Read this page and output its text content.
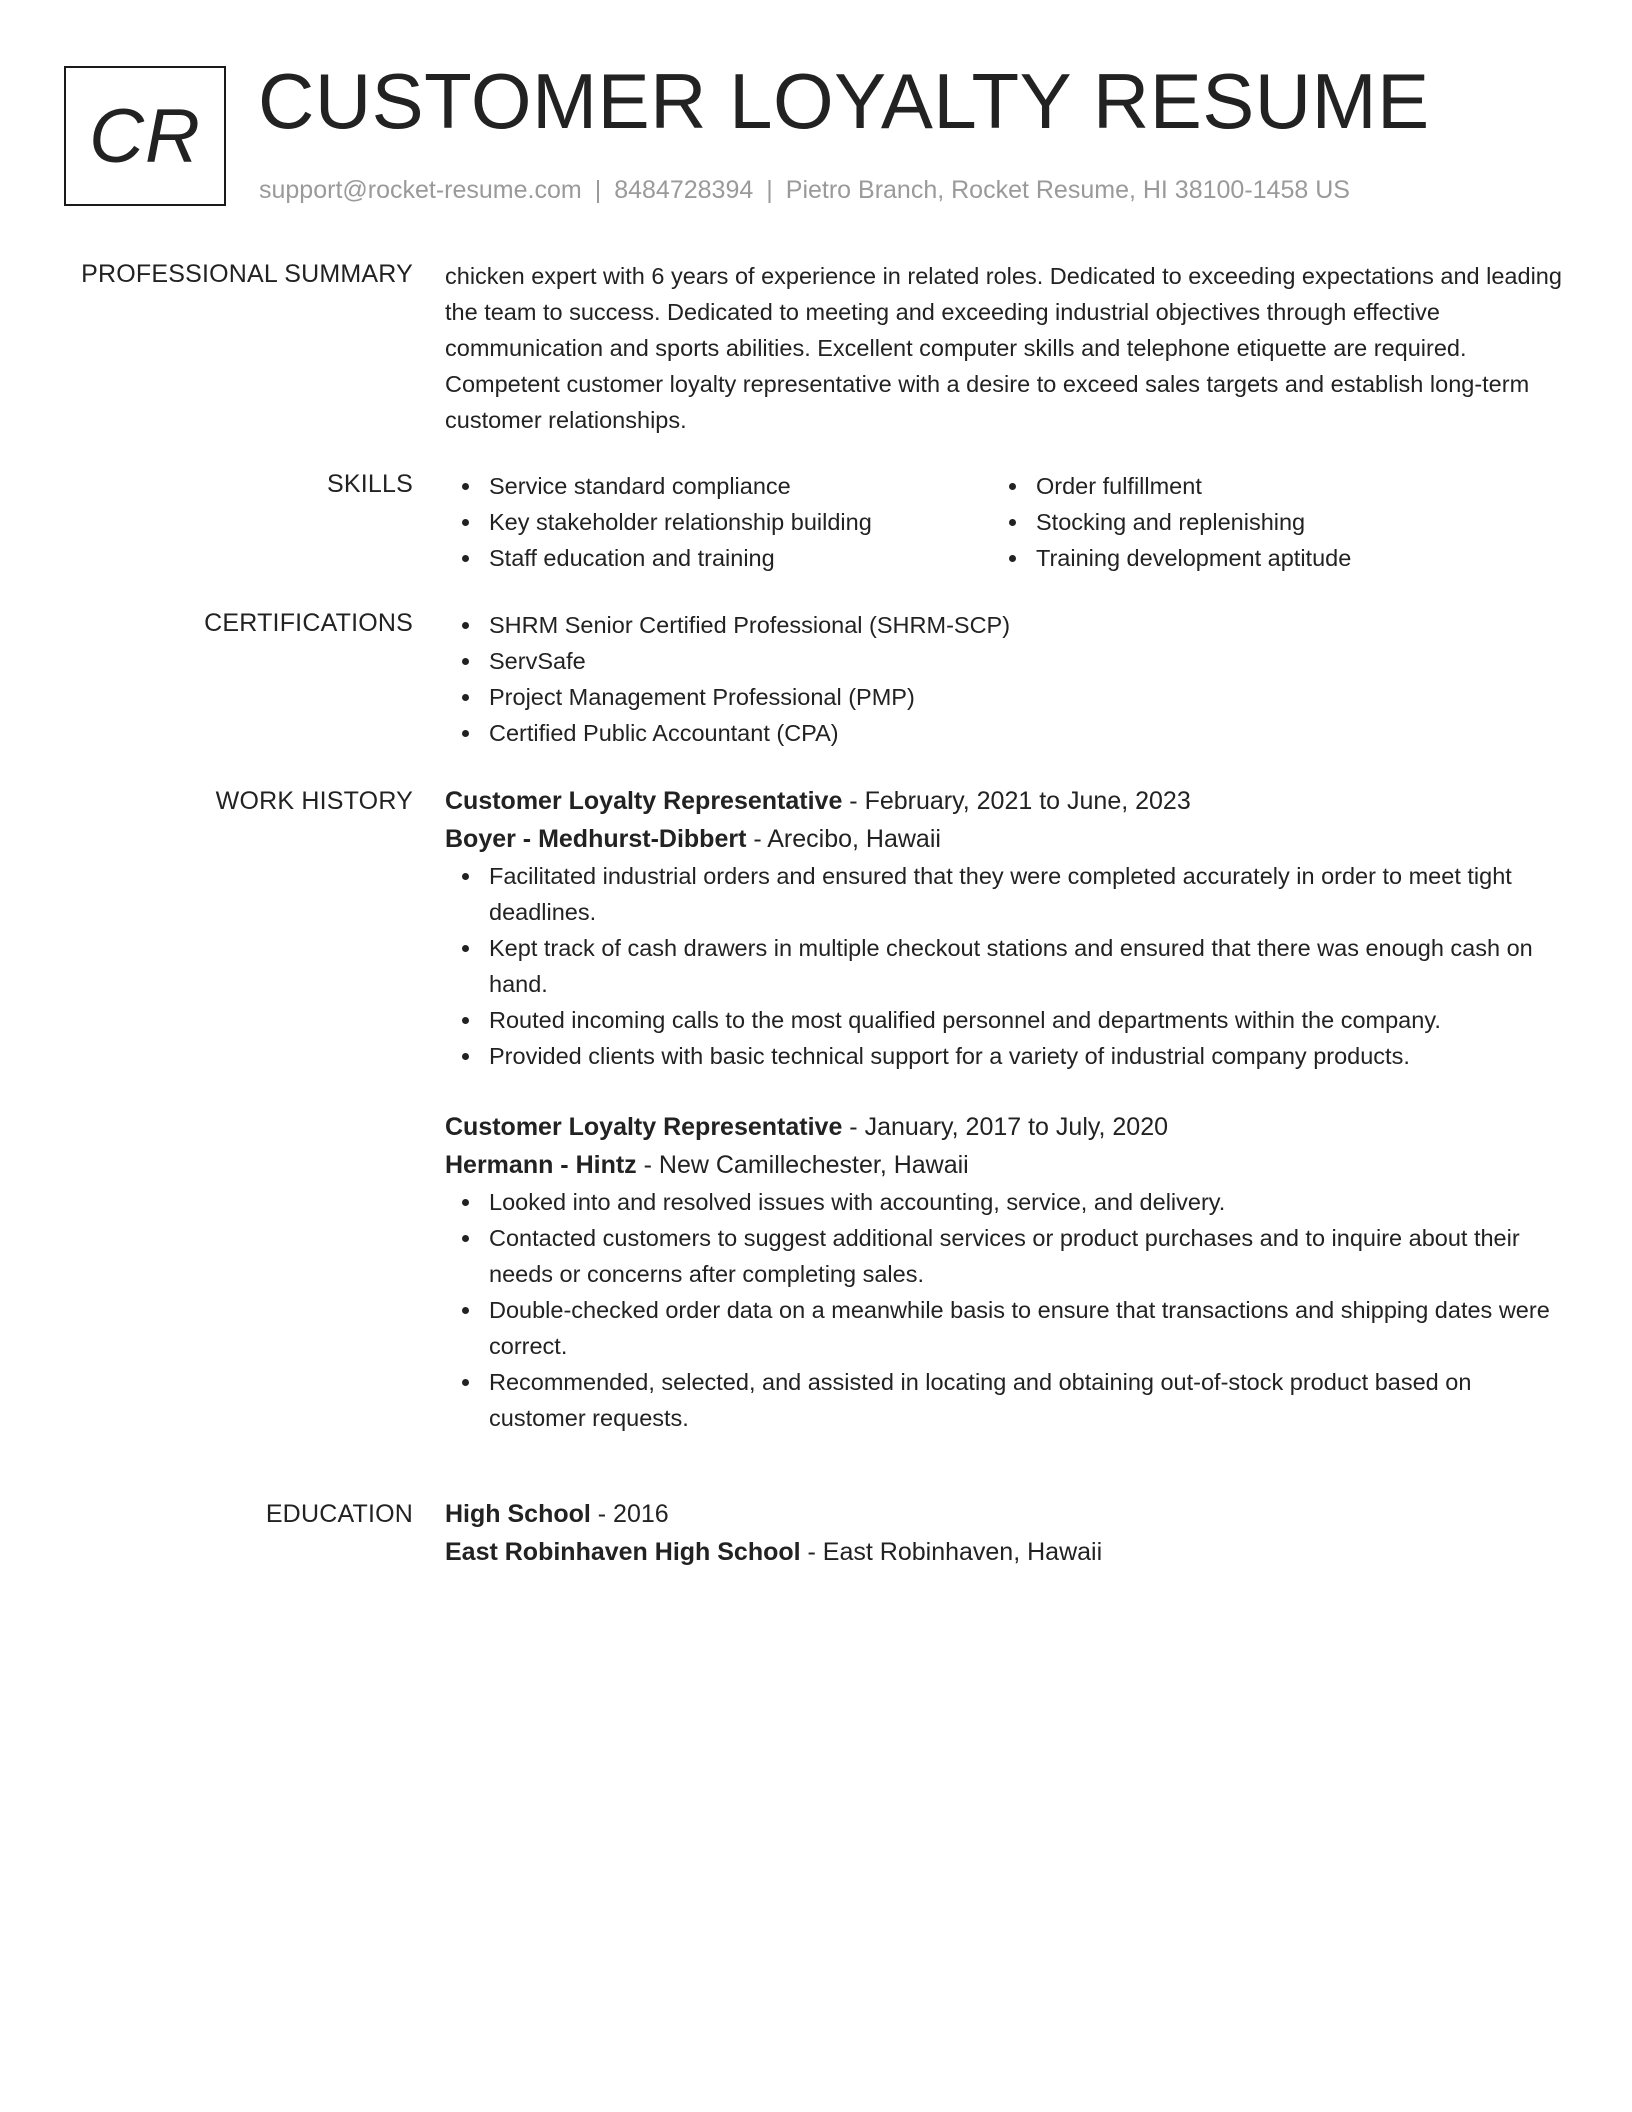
CR CUSTOMER LOYALTY RESUME
support@rocket-resume.com | 8484728394 | Pietro Branch, Rocket Resume, HI 38100-1458 US
PROFESSIONAL SUMMARY chicken expert with 6 years of experience in related roles. Dedicated to exceeding expectations and leading the team to success. Dedicated to meeting and exceeding industrial objectives through effective communication and sports abilities. Excellent computer skills and telephone etiquette are required. Competent customer loyalty representative with a desire to exceed sales targets and establish long-term customer relationships.

SKILLS	Service standard compliance
Key stakeholder relationship building
Staff education and training
Order fulfillment
Stocking and replenishing
Training development aptitude
CERTIFICATIONS	SHRM Senior Certified Professional (SHRM-SCP)
ServSafe
Project Management Professional (PMP)
Certified Public Accountant (CPA)
WORK HISTORY Customer Loyalty Representative - February, 2021 to June, 2023
Boyer - Medhurst-Dibbert - Arecibo, Hawaii
Facilitated industrial orders and ensured that they were completed accurately in order to meet tight deadlines.
Kept track of cash drawers in multiple checkout stations and ensured that there was enough cash on hand.
Routed incoming calls to the most qualified personnel and departments within the company.
Provided clients with basic technical support for a variety of industrial company products.
Customer Loyalty Representative - January, 2017 to July, 2020
Hermann - Hintz - New Camillechester, Hawaii
Looked into and resolved issues with accounting, service, and delivery.
Contacted customers to suggest additional services or product purchases and to inquire about their needs or concerns after completing sales.
Double-checked order data on a meanwhile basis to ensure that transactions and shipping dates were correct.
Recommended, selected, and assisted in locating and obtaining out-of-stock product based on customer requests.
EDUCATION High School - 2016
East Robinhaven High School - East Robinhaven, Hawaii
